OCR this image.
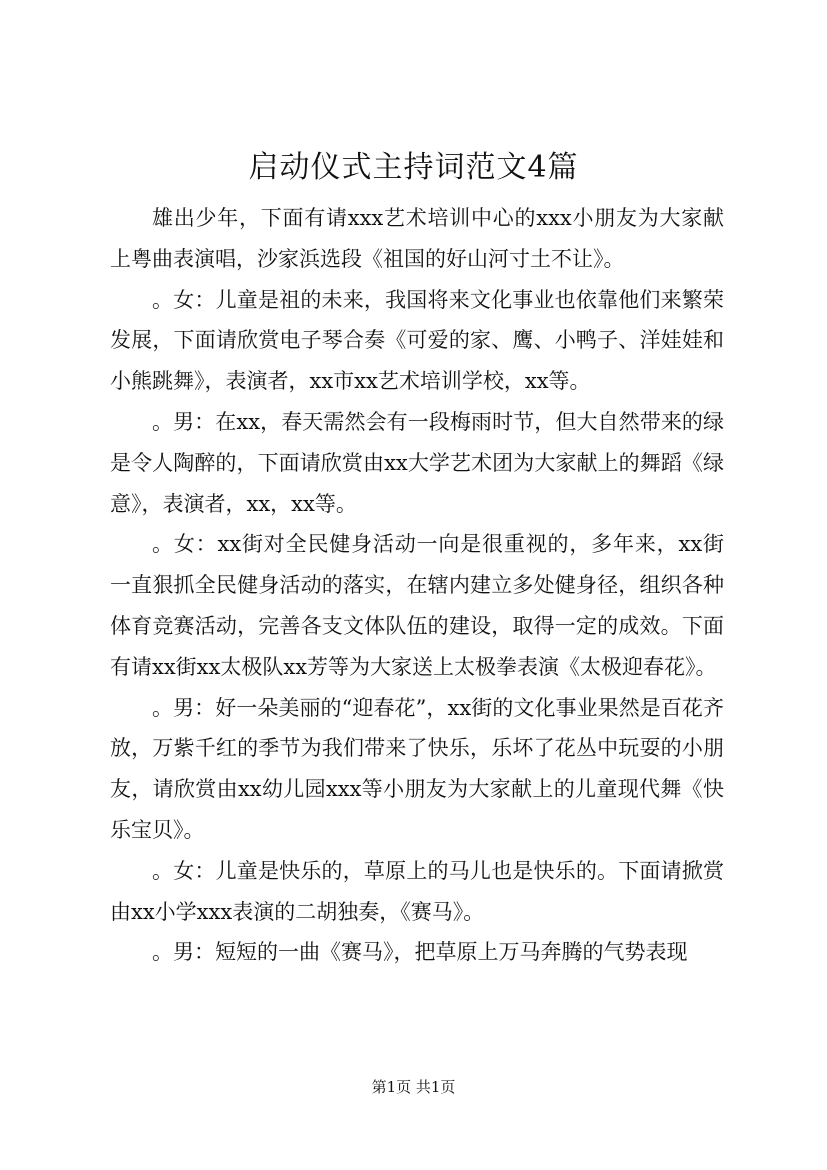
启动仪式主持词范文4篇

雄出少年，下面有请xxx艺术培训中心的xxx小朋友为大家献上粤曲表演唱，沙家浜选段《祖国的好山河寸土不让》。

。女：儿童是祖的未来，我国将来文化事业也依靠他们来繁荣发展，下面请欣赏电子琴合奏《可爱的家、鹰、小鸭子、洋娃娃和小熊跳舞》，表演者，xx市xx艺术培训学校，xx等。

。男：在xx，春天需然会有一段梅雨时节，但大自然带来的绿是令人陶醉的，下面请欣赏由xx大学艺术团为大家献上的舞蹈《绿意》，表演者，xx，xx等。

。女：xx街对全民健身活动一向是很重视的，多年来，xx街一直狠抓全民健身活动的落实，在辖内建立多处健身径，组织各种体育竞赛活动，完善各支文体队伍的建设，取得一定的成效。下面有请xx街xx太极队xx芳等为大家送上太极拳表演《太极迎春花》。

。男：好一朵美丽的“迎春花”，xx街的文化事业果然是百花齐放，万紫千红的季节为我们带来了快乐，乐坏了花丛中玩耍的小朋友，请欣赏由xx幼儿园xxx等小朋友为大家献上的儿童现代舞《快乐宝贝》。

。女：儿童是快乐的，草原上的马儿也是快乐的。下面请掀赏由xx小学xxx表演的二胡独奏，《赛马》。

。男：短短的一曲《赛马》，把草原上万马奔腾的气势表现

第1页 共1页
